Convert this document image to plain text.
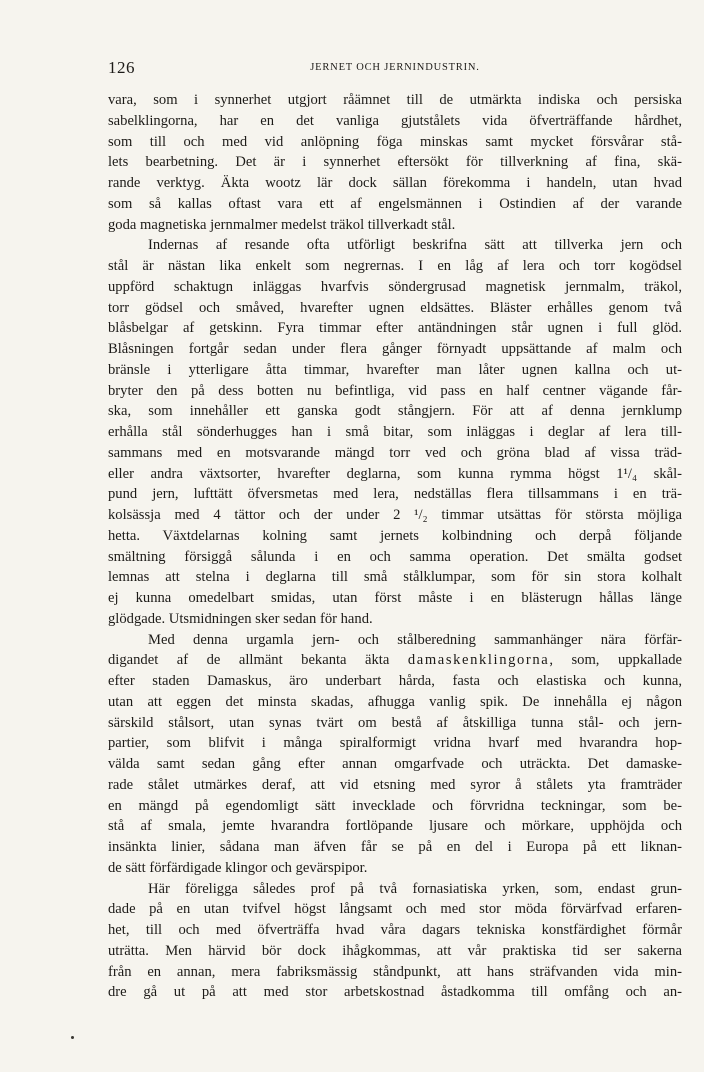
126	JERNET OCH JERNINDUSTRIN.
vara, som i synnerhet utgjort råämnet till de utmärkta indiska och persiska
sabelklingorna, har en det vanliga gjutstålets vida öfverträffande hårdhet,
som till och med vid anlöpning föga minskas samt mycket försvårar stå-
lets bearbetning. Det är i synnerhet eftersökt för tillverkning af fina, skä-
rande verktyg. Äkta wootz lär dock sällan förekomma i handeln, utan hvad
som så kallas oftast vara ett af engelsmännen i Ostindien af der varande
goda magnetiska jernmalmer medelst träkol tillverkadt stål.
Indernas af resande ofta utförligt beskrifna sätt att tillverka jern och
stål är nästan lika enkelt som negrernas. I en låg af lera och torr kogödsel
uppförd schaktugn inläggas hvarfvis söndergrusad magnetisk jernmalm, träkol,
torr gödsel och småved, hvarefter ugnen eldsättes. Bläster erhålles genom två
blåsbelgar af getskinn. Fyra timmar efter antändningen står ugnen i full glöd.
Blåsningen fortgår sedan under flera gånger förnyadt uppsättande af malm och
bränsle i ytterligare åtta timmar, hvarefter man låter ugnen kallna och ut-
bryter den på dess botten nu befintliga, vid pass en half centner vägande får-
ska, som innehåller ett ganska godt stångjern. För att af denna jernklump
erhålla stål sönderhugges han i små bitar, som inläggas i deglar af lera till-
sammans med en motsvarande mängd torr ved och gröna blad af vissa träd-
eller andra växtsorter, hvarefter deglarna, som kunna rymma högst 1¹/₄ skål-
pund jern, lufttätt öfversmetas med lera, nedställas flera tillsammans i en trä-
kolsässja med 4 tättor och der under 2 ¹/₂ timmar utsättas för största möjliga
hetta. Växtdelarnas kolning samt jernets kolbindning och derpå följande
smältning försiggå sålunda i en och samma operation. Det smälta godset
lemnas att stelna i deglarna till små stålklumpar, som för sin stora kolhalt
ej kunna omedelbart smidas, utan först måste i en blästerugn hållas länge
glödgade. Utsmidningen sker sedan för hand.
Med denna urgamla jern- och stålberedning sammanhänger nära förfär-
digandet af de allmänt bekanta äkta damaskenklingorna, som, uppkallade
efter staden Damaskus, äro underbart hårda, fasta och elastiska och kunna,
utan att eggen det minsta skadas, afhugga vanlig spik. De innehålla ej någon
särskild stålsort, utan synas tvärt om bestå af åtskilliga tunna stål- och jern-
partier, som blifvit i många spiralformigt vridna hvarf med hvarandra hop-
välda samt sedan gång efter annan omgarfvade och uträckta. Det damaske-
rade stålet utmärkes deraf, att vid etsning med syror å stålets yta framträder
en mängd på egendomligt sätt invecklade och förvridna teckningar, som be-
stå af smala, jemte hvarandra fortlöpande ljusare och mörkare, upphöjda och
insänkta linier, sådana man äfven får se på en del i Europa på ett liknan-
de sätt förfärdigade klingor och gevärspipor.
Här föreligga således prof på två fornasiatiska yrken, som, endast grun-
dade på en utan tvifvel högst långsamt och med stor möda förvärfvad erfaren-
het, till och med öfverträffa hvad våra dagars tekniska konstfärdighet förmår
uträtta. Men härvid bör dock ihågkommas, att vår praktiska tid ser sakerna
från en annan, mera fabriksmässig ståndpunkt, att hans sträfvanden vida min-
dre gå ut på att med stor arbetskostnad åstadkomma till omfång och an-
